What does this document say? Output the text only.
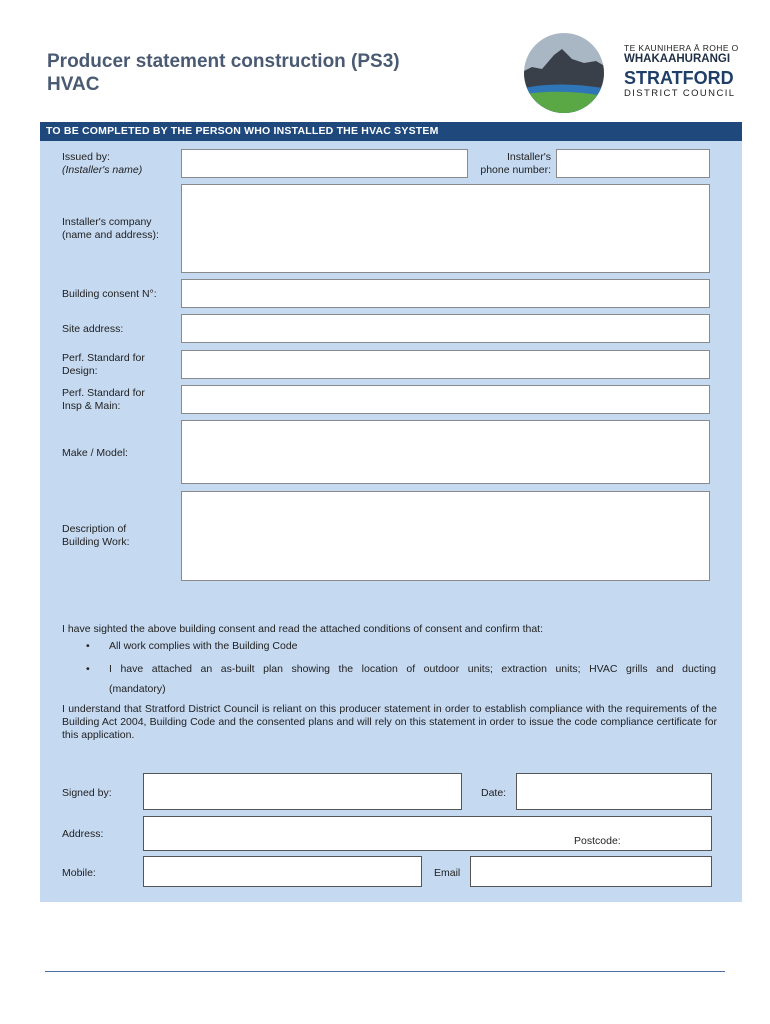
Producer statement construction (PS3)
HVAC
TE KAUNIHERA Ā ROHE O
WHAKAAHURANGI
STRATFORD
DISTRICT COUNCIL
TO BE COMPLETED BY THE PERSON WHO INSTALLED THE HVAC SYSTEM
Issued by:
(Installer's name)
Installer's
phone number:
Installer's company
(name and address):
Building consent N°:
Site address:
Perf. Standard for
Design:
Perf. Standard for
Insp & Main:
Make / Model:
Description of
Building Work:
I have sighted the above building consent and read the attached conditions of consent and confirm that:
• All work complies with the Building Code
• I have attached an as-built plan showing the location of outdoor units; extraction units; HVAC grills and ducting
(mandatory)
I understand that Stratford District Council is reliant on this producer statement in order to establish compliance with the requirements of the Building Act 2004, Building Code and the consented plans and will rely on this statement in order to issue the code compliance certificate for this application.
Signed by:	Date:
Address:
Postcode:
Mobile:	Email
